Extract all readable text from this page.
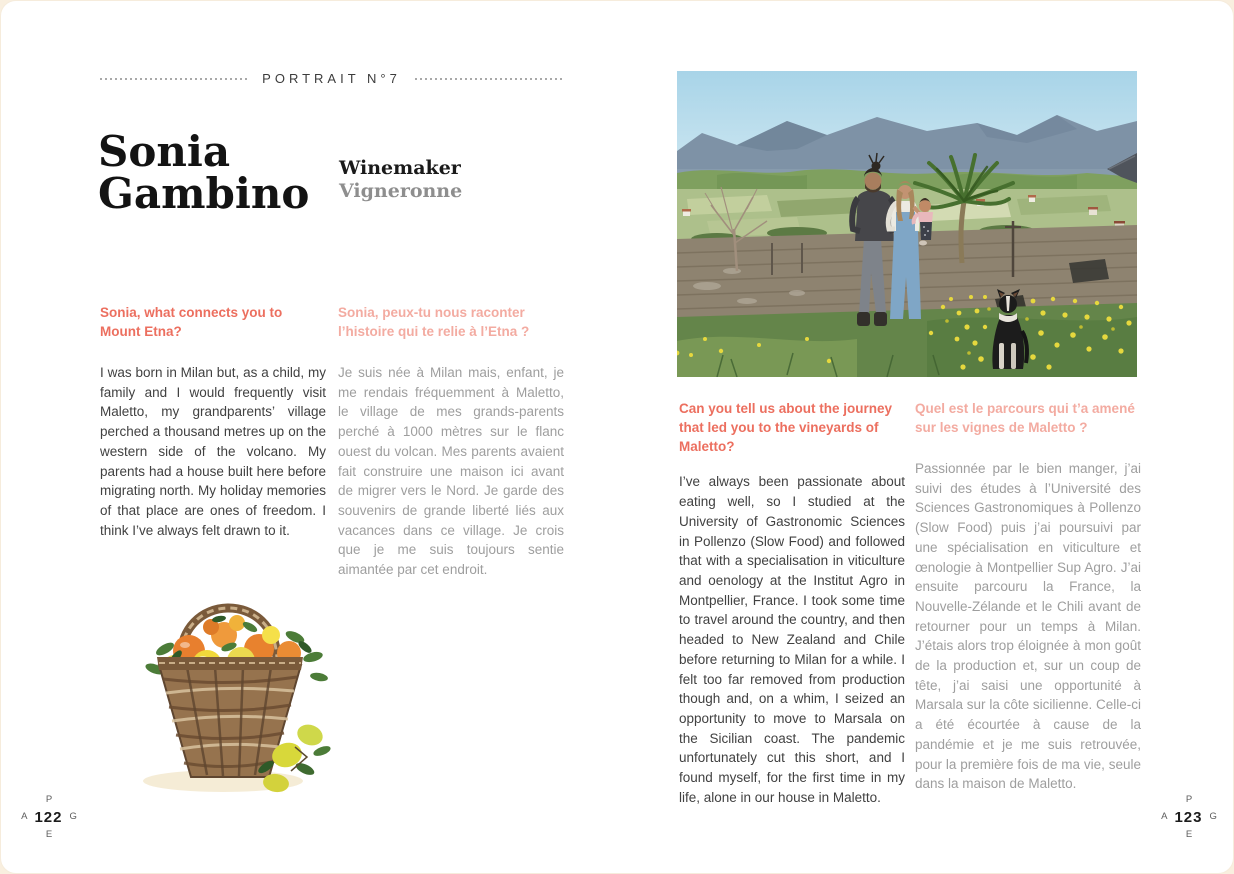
PORTRAIT N°7
Sonia
Gambino
Winemaker
Vigneronne

Sonia, what connects you to Mount Etna?

I was born in Milan but, as a child, my family and I would frequently visit Maletto, my grandparents’ village perched a thousand metres up on the western side of the volcano. My parents had a house built here before migrating north. My holiday memories of that place are ones of freedom. I think I’ve always felt drawn to it.

Sonia, peux-tu nous raconter l’histoire qui te relie à l’Etna ?

Je suis née à Milan mais, enfant, je me rendais fréquemment à Maletto, le village de mes grands-parents perché à 1000 mètres sur le flanc ouest du volcan. Mes parents avaient fait construire une maison ici avant de migrer vers le Nord. Je garde des souvenirs de grande liberté liés aux vacances dans ce village. Je crois que je me suis toujours sentie aimantée par cet endroit.

P
A 122 G
E

Can you tell us about the journey that led you to the vineyards of Maletto?

I’ve always been passionate about eating well, so I studied at the University of Gastronomic Sciences in Pollenzo (Slow Food) and followed that with a specialisation in viticulture and oenology at the Institut Agro in Montpellier, France. I took some time to travel around the country, and then headed to New Zealand and Chile before returning to Milan for a while. I felt too far removed from production though and, on a whim, I seized an opportunity to move to Marsala on the Sicilian coast. The pandemic unfortunately cut this short, and I found myself, for the first time in my life, alone in our house in Maletto.

Quel est le parcours qui t’a amené sur les vignes de Maletto ?

Passionnée par le bien manger, j’ai suivi des études à l’Université des Sciences Gastronomiques à Pollenzo (Slow Food) puis j’ai poursuivi par une spécialisation en viticulture et œnologie à Montpellier Sup Agro. J’ai ensuite parcouru la France, la Nouvelle-Zélande et le Chili avant de retourner pour un temps à Milan. J’étais alors trop éloignée à mon goût de la production et, sur un coup de tête, j’ai saisi une opportunité à Marsala sur la côte sicilienne. Celle-ci a été écourtée à cause de la pandémie et je me suis retrouvée, pour la première fois de ma vie, seule dans la maison de Maletto.

P
A 123 G
E
